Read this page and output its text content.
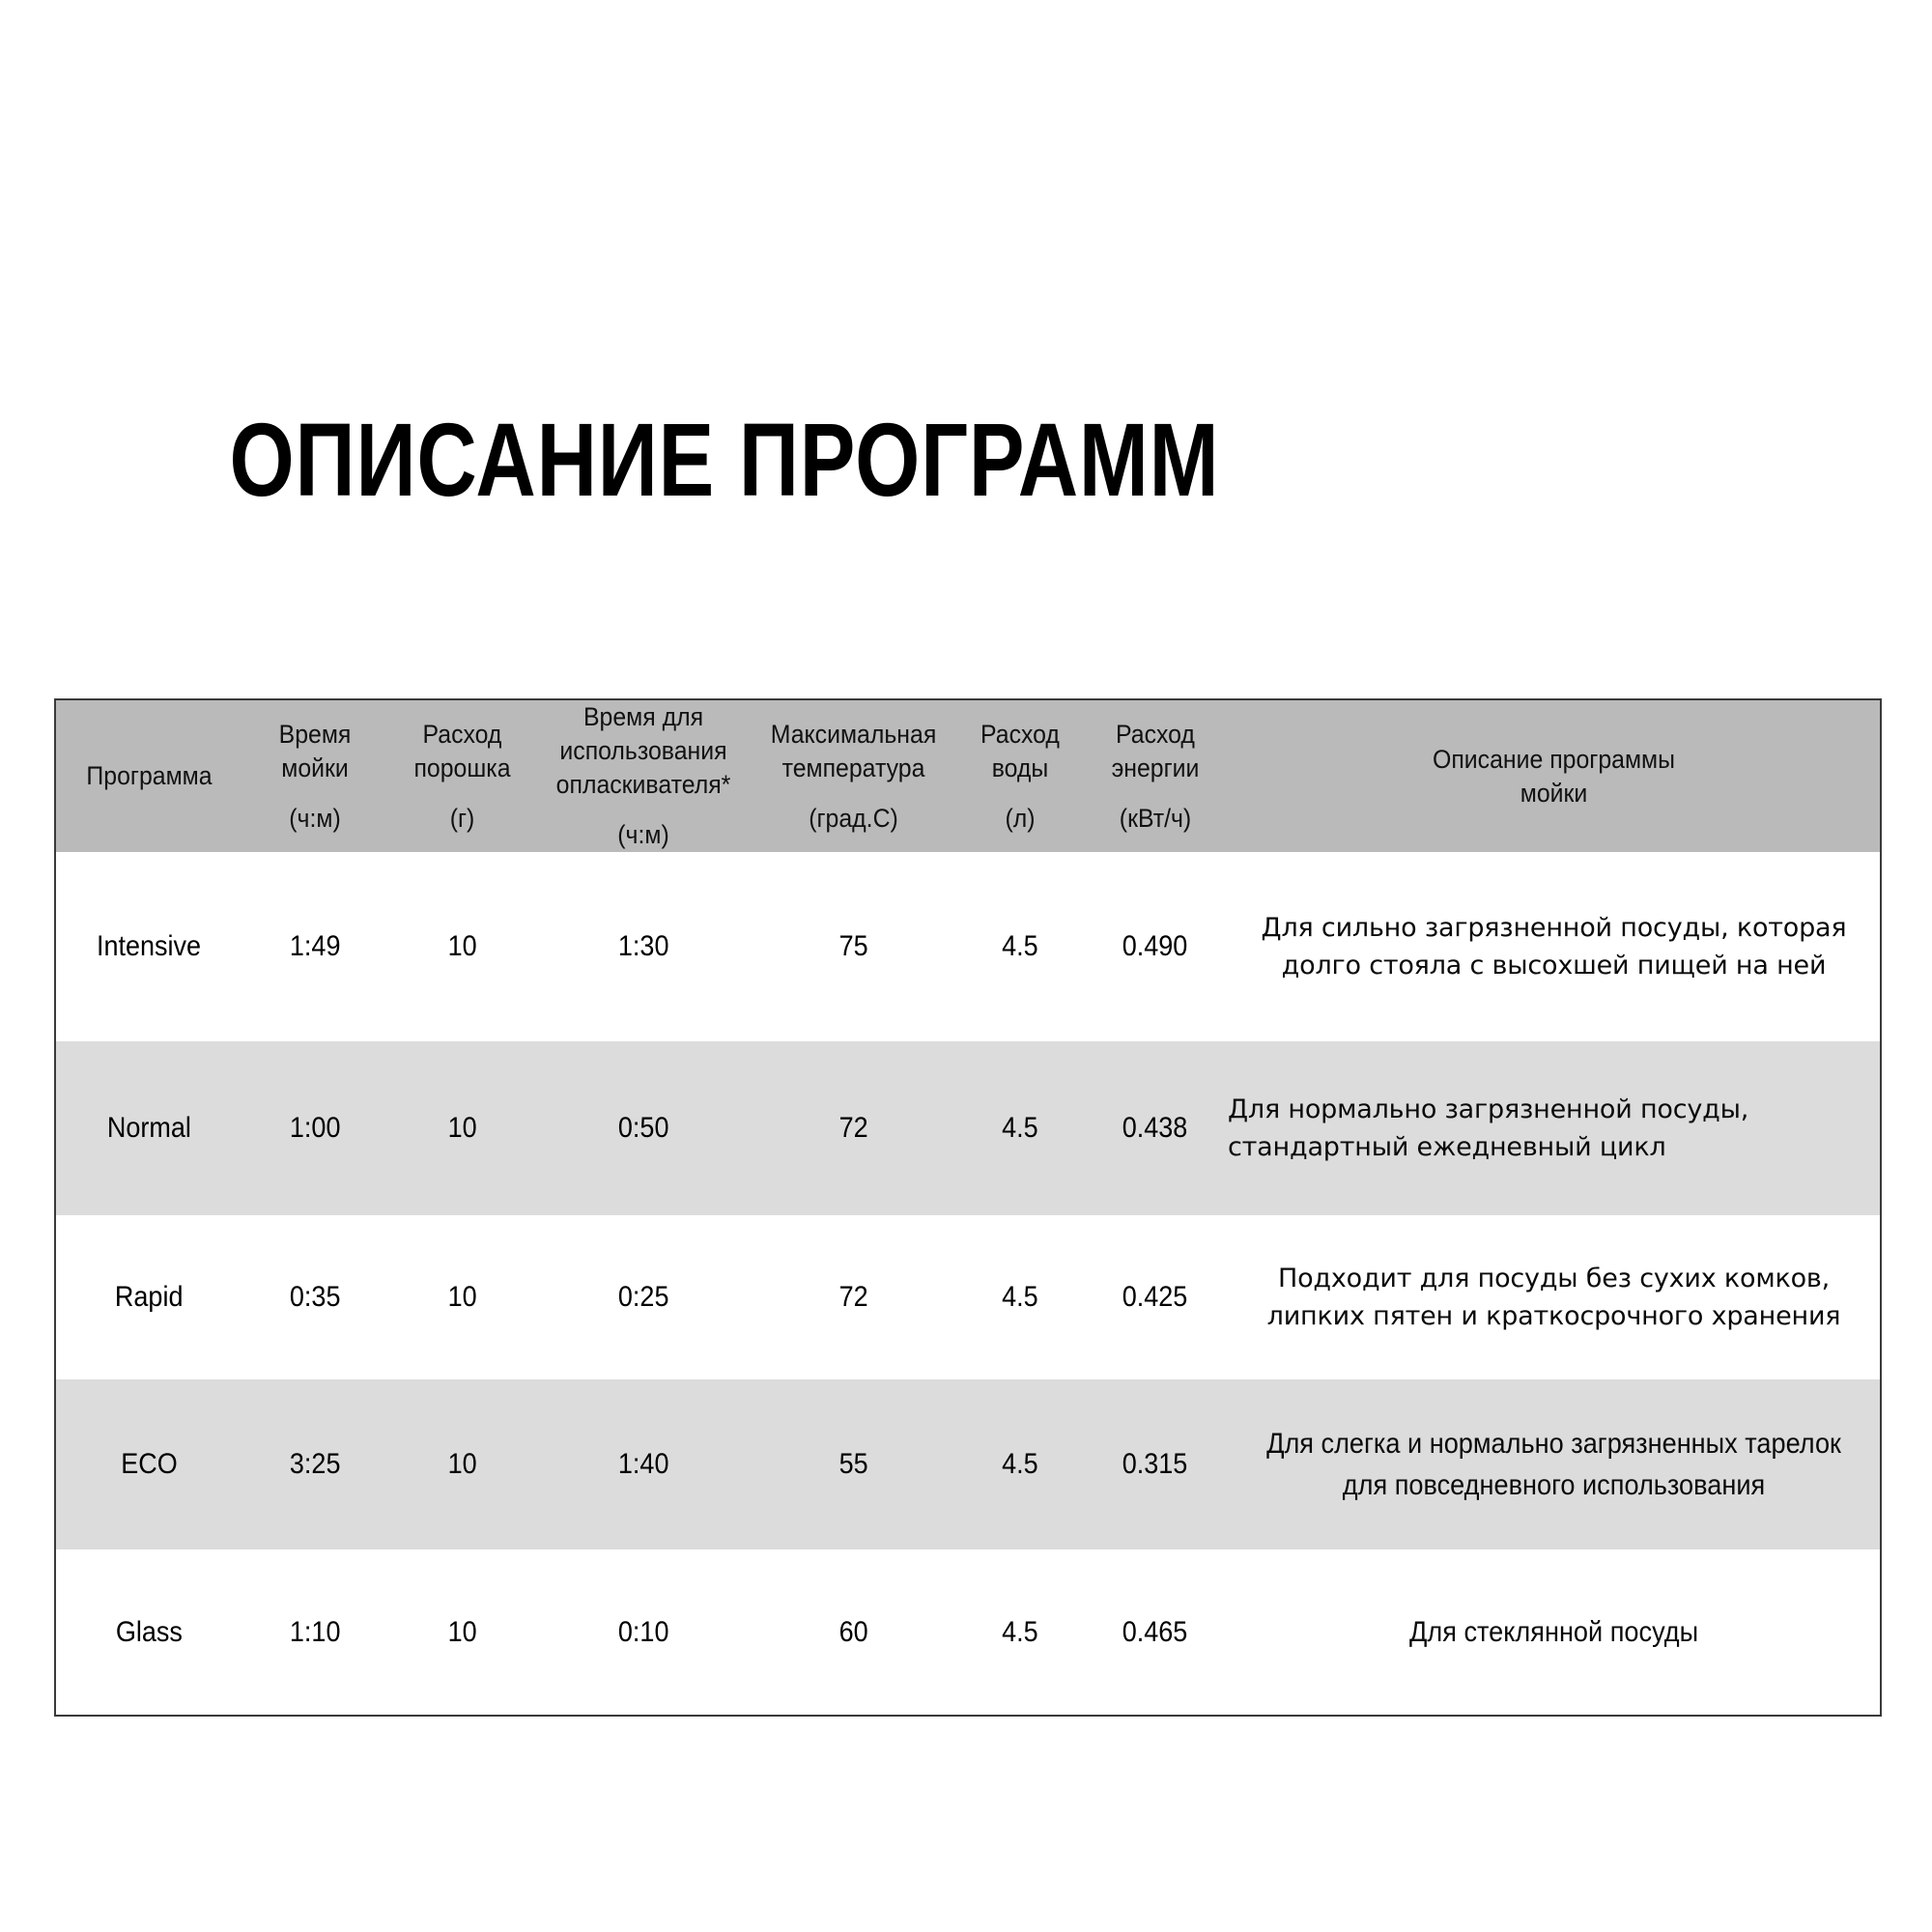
ОПИСАНИЕ ПРОГРАММ
Программа	Время
мойки
(ч:м)	Расход
порошка
(г)	Время для
использования
опласкивателя*
(ч:м)	Максимальная
температура
(град.С)	Расход
воды
(л)	Расход
энергии
(кВт/ч)	Описание программы
мойки

Intensive	1:49	10	1:30	75	4.5	0.490	Для сильно загрязненной посуды, которая долго стояла с высохшей пищей на ней
Normal	1:00	10	0:50	72	4.5	0.438	Для нормально загрязненной посуды, стандартный ежедневный цикл
Rapid	0:35	10	0:25	72	4.5	0.425	Подходит для посуды без сухих комков, липких пятен и краткосрочного хранения
ECO	3:25	10	1:40	55	4.5	0.315	Для слегка и нормально загрязненных тарелок для повседневного использования
Glass	1:10	10	0:10	60	4.5	0.465	Для стеклянной посуды
